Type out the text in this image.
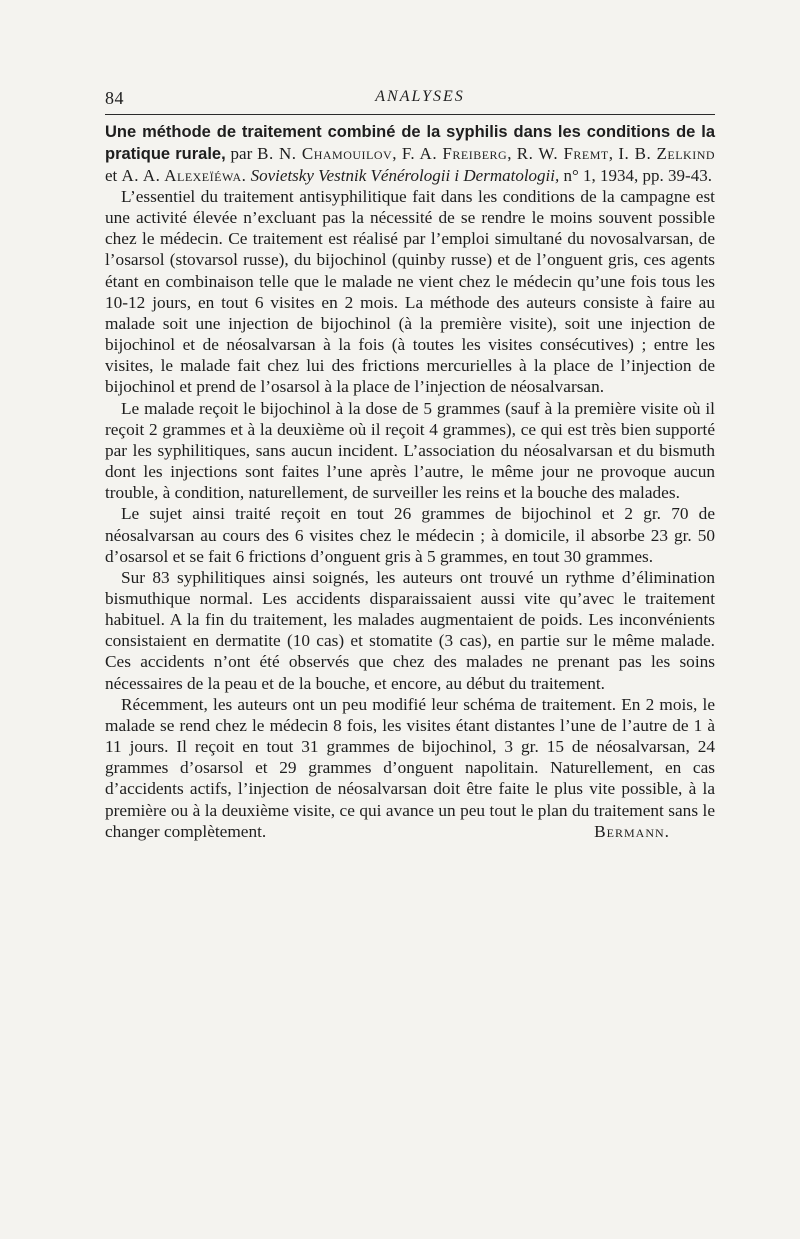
84	ANALYSES

Une méthode de traitement combiné de la syphilis dans les conditions de la pratique rurale, par B. N. Chamouilov, F. A. Freiberg, R. W. Fremt, I. B. Zelkind et A. A. Alexeïéwa. Sovietsky Vestnik Vénérologii i Dermatologii, n° 1, 1934, pp. 39-43.

L’essentiel du traitement antisyphilitique fait dans les conditions de la campagne est une activité élevée n’excluant pas la nécessité de se rendre le moins souvent possible chez le médecin. Ce traitement est réalisé par l’emploi simultané du novosalvarsan, de l’osarsol (stovarsol russe), du bijochinol (quinby russe) et de l’onguent gris, ces agents étant en combinaison telle que le malade ne vient chez le médecin qu’une fois tous les 10-12 jours, en tout 6 visites en 2 mois. La méthode des auteurs consiste à faire au malade soit une injection de bijochinol (à la première visite), soit une injection de bijochinol et de néosalvarsan à la fois (à toutes les visites consécutives) ; entre les visites, le malade fait chez lui des frictions mercurielles à la place de l’injection de bijochinol et prend de l’osarsol à la place de l’injection de néosalvarsan.

Le malade reçoit le bijochinol à la dose de 5 grammes (sauf à la première visite où il reçoit 2 grammes et à la deuxième où il reçoit 4 grammes), ce qui est très bien supporté par les syphilitiques, sans aucun incident. L’association du néosalvarsan et du bismuth dont les injections sont faites l’une après l’autre, le même jour ne provoque aucun trouble, à condition, naturellement, de surveiller les reins et la bouche des malades.

Le sujet ainsi traité reçoit en tout 26 grammes de bijochinol et 2 gr. 70 de néosalvarsan au cours des 6 visites chez le médecin ; à domicile, il absorbe 23 gr. 50 d’osarsol et se fait 6 frictions d’onguent gris à 5 grammes, en tout 30 grammes.

Sur 83 syphilitiques ainsi soignés, les auteurs ont trouvé un rythme d’élimination bismuthique normal. Les accidents disparaissaient aussi vite qu’avec le traitement habituel. A la fin du traitement, les malades augmentaient de poids. Les inconvénients consistaient en dermatite (10 cas) et stomatite (3 cas), en partie sur le même malade. Ces accidents n’ont été observés que chez des malades ne prenant pas les soins nécessaires de la peau et de la bouche, et encore, au début du traitement.

Récemment, les auteurs ont un peu modifié leur schéma de traitement. En 2 mois, le malade se rend chez le médecin 8 fois, les visites étant distantes l’une de l’autre de 1 à 11 jours. Il reçoit en tout 31 grammes de bijochinol, 3 gr. 15 de néosalvarsan, 24 grammes d’osarsol et 29 grammes d’onguent napolitain. Naturellement, en cas d’accidents actifs, l’injection de néosalvarsan doit être faite le plus vite possible, à la première ou à la deuxième visite, ce qui avance un peu tout le plan du traitement sans le changer complètement.	Bermann.
